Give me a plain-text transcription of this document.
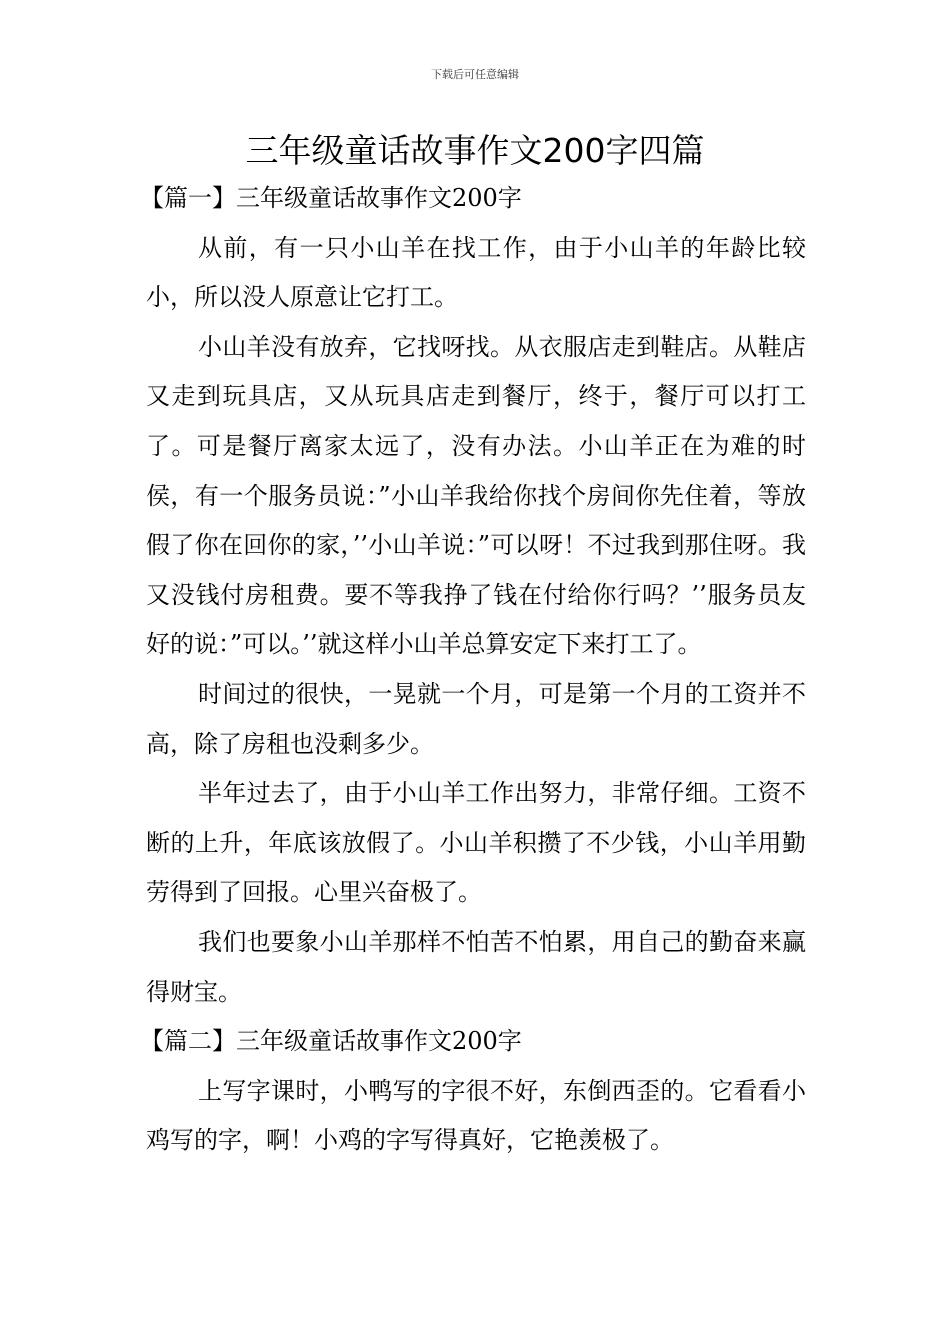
下载后可任意编辑
三年级童话故事作文200字四篇

【篇一】三年级童话故事作文200字

从前，有一只小山羊在找工作，由于小山羊的年龄比较小，所以没人原意让它打工。

小山羊没有放弃，它找呀找。从衣服店走到鞋店。从鞋店又走到玩具店，又从玩具店走到餐厅，终于，餐厅可以打工了。可是餐厅离家太远了，没有办法。小山羊正在为难的时侯，有一个服务员说：”小山羊我给你找个房间你先住着，等放假了你在回你的家，’’小山羊说：”可以呀！不过我到那住呀。我又没钱付房租费。要不等我挣了钱在付给你行吗？’’服务员友好的说：”可以。’’就这样小山羊总算安定下来打工了。

时间过的很快，一晃就一个月，可是第一个月的工资并不高，除了房租也没剩多少。

半年过去了，由于小山羊工作出努力，非常仔细。工资不断的上升，年底该放假了。小山羊积攒了不少钱，小山羊用勤劳得到了回报。心里兴奋极了。

我们也要象小山羊那样不怕苦不怕累，用自己的勤奋来赢得财宝。

【篇二】三年级童话故事作文200字

上写字课时，小鸭写的字很不好，东倒西歪的。它看看小鸡写的字，啊！小鸡的字写得真好，它艳羡极了。
